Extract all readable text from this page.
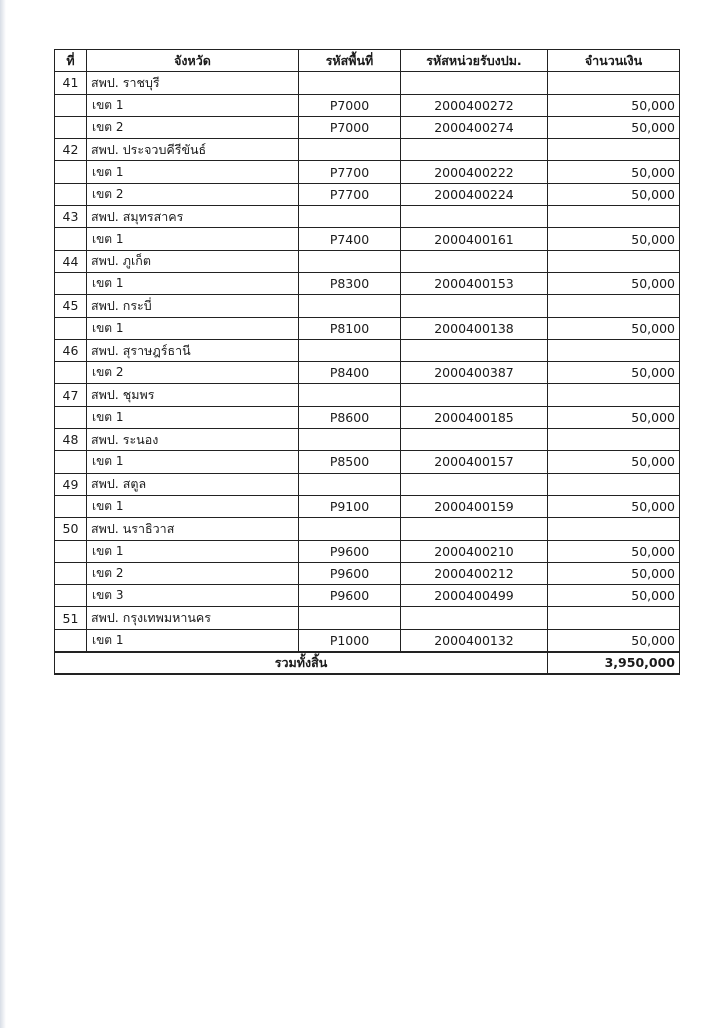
ที่	จังหวัด	รหัสพื้นที่	รหัสหน่วยรับงปม.	จำนวนเงิน
41	สพป. ราชบุรี			
	เขต 1	P7000	2000400272	50,000
	เขต 2	P7000	2000400274	50,000
42	สพป. ประจวบคีรีขันธ์			
	เขต 1	P7700	2000400222	50,000
	เขต 2	P7700	2000400224	50,000
43	สพป. สมุทรสาคร			
	เขต 1	P7400	2000400161	50,000
44	สพป. ภูเก็ต			
	เขต 1	P8300	2000400153	50,000
45	สพป. กระบี่			
	เขต 1	P8100	2000400138	50,000
46	สพป. สุราษฎร์ธานี			
	เขต 2	P8400	2000400387	50,000
47	สพป. ชุมพร			
	เขต 1	P8600	2000400185	50,000
48	สพป. ระนอง			
	เขต 1	P8500	2000400157	50,000
49	สพป. สตูล			
	เขต 1	P9100	2000400159	50,000
50	สพป. นราธิวาส			
	เขต 1	P9600	2000400210	50,000
	เขต 2	P9600	2000400212	50,000
	เขต 3	P9600	2000400499	50,000
51	สพป. กรุงเทพมหานคร			
	เขต 1	P1000	2000400132	50,000
รวมทั้งสิ้น				3,950,000
